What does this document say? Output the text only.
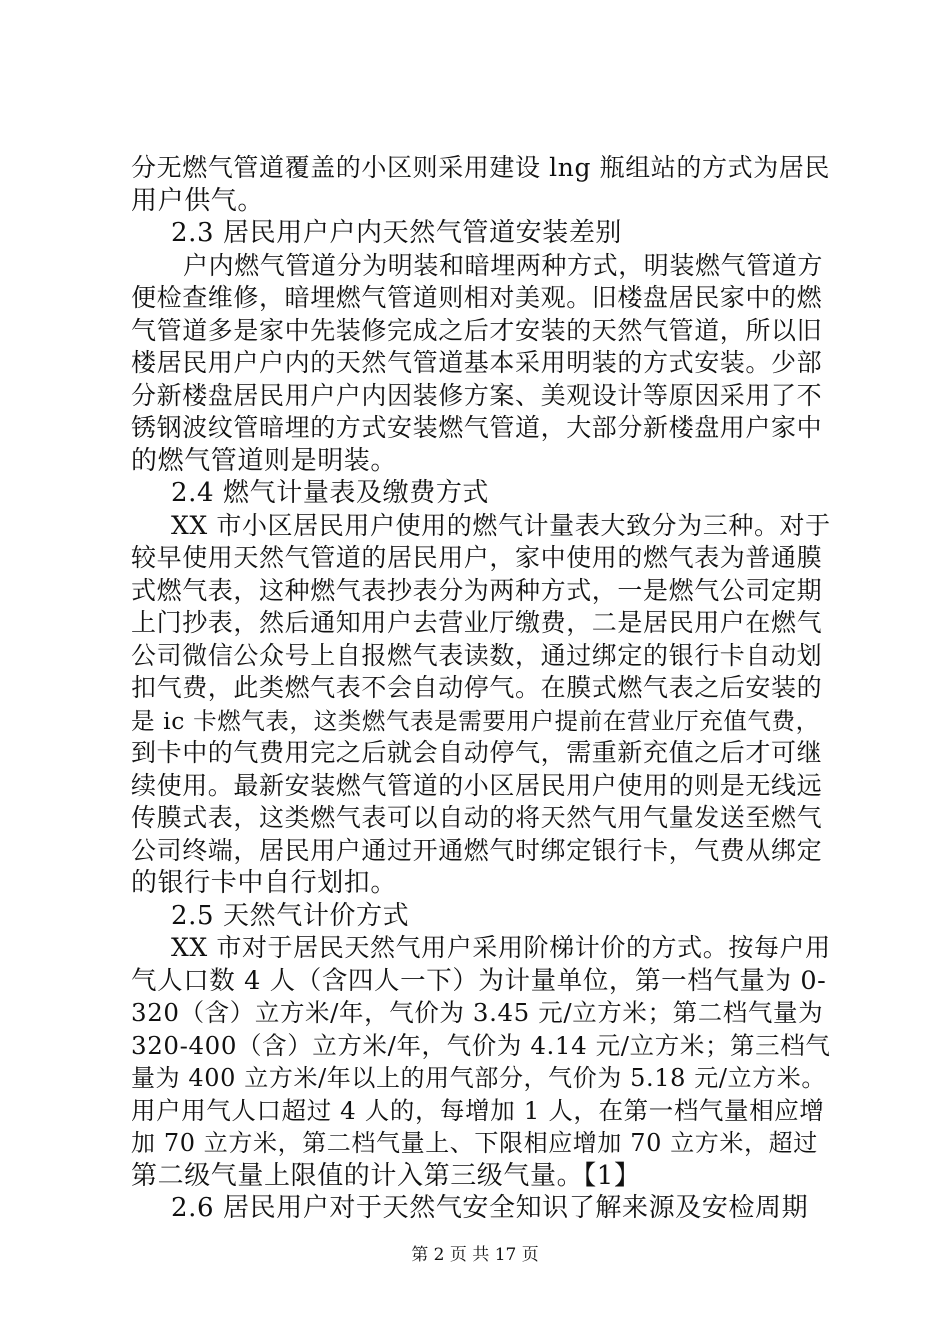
分无燃气管道覆盖的小区则采用建设 lng 瓶组站的方式为居民
用户供气。
2.3 居民用户户内天然气管道安装差别
户内燃气管道分为明装和暗埋两种方式，明装燃气管道方
便检查维修，暗埋燃气管道则相对美观。旧楼盘居民家中的燃
气管道多是家中先装修完成之后才安装的天然气管道，所以旧
楼居民用户户内的天然气管道基本采用明装的方式安装。少部
分新楼盘居民用户户内因装修方案、美观设计等原因采用了不
锈钢波纹管暗埋的方式安装燃气管道，大部分新楼盘用户家中
的燃气管道则是明装。
2.4 燃气计量表及缴费方式
XX 市小区居民用户使用的燃气计量表大致分为三种。对于
较早使用天然气管道的居民用户，家中使用的燃气表为普通膜
式燃气表，这种燃气表抄表分为两种方式，一是燃气公司定期
上门抄表，然后通知用户去营业厅缴费，二是居民用户在燃气
公司微信公众号上自报燃气表读数，通过绑定的银行卡自动划
扣气费，此类燃气表不会自动停气。在膜式燃气表之后安装的
是 ic 卡燃气表，这类燃气表是需要用户提前在营业厅充值气费，
到卡中的气费用完之后就会自动停气，需重新充值之后才可继
续使用。最新安装燃气管道的小区居民用户使用的则是无线远
传膜式表，这类燃气表可以自动的将天然气用气量发送至燃气
公司终端，居民用户通过开通燃气时绑定银行卡，气费从绑定
的银行卡中自行划扣。
2.5 天然气计价方式
XX 市对于居民天然气用户采用阶梯计价的方式。按每户用
气人口数 4 人（含四人一下）为计量单位，第一档气量为 0-
320（含）立方米/年，气价为 3.45 元/立方米；第二档气量为
320-400（含）立方米/年，气价为 4.14 元/立方米；第三档气
量为 400 立方米/年以上的用气部分，气价为 5.18 元/立方米。
用户用气人口超过 4 人的，每增加 1 人，在第一档气量相应增
加 70 立方米，第二档气量上、下限相应增加 70 立方米，超过
第二级气量上限值的计入第三级气量。【1】
2.6 居民用户对于天然气安全知识了解来源及安检周期
第 2 页 共 17 页
